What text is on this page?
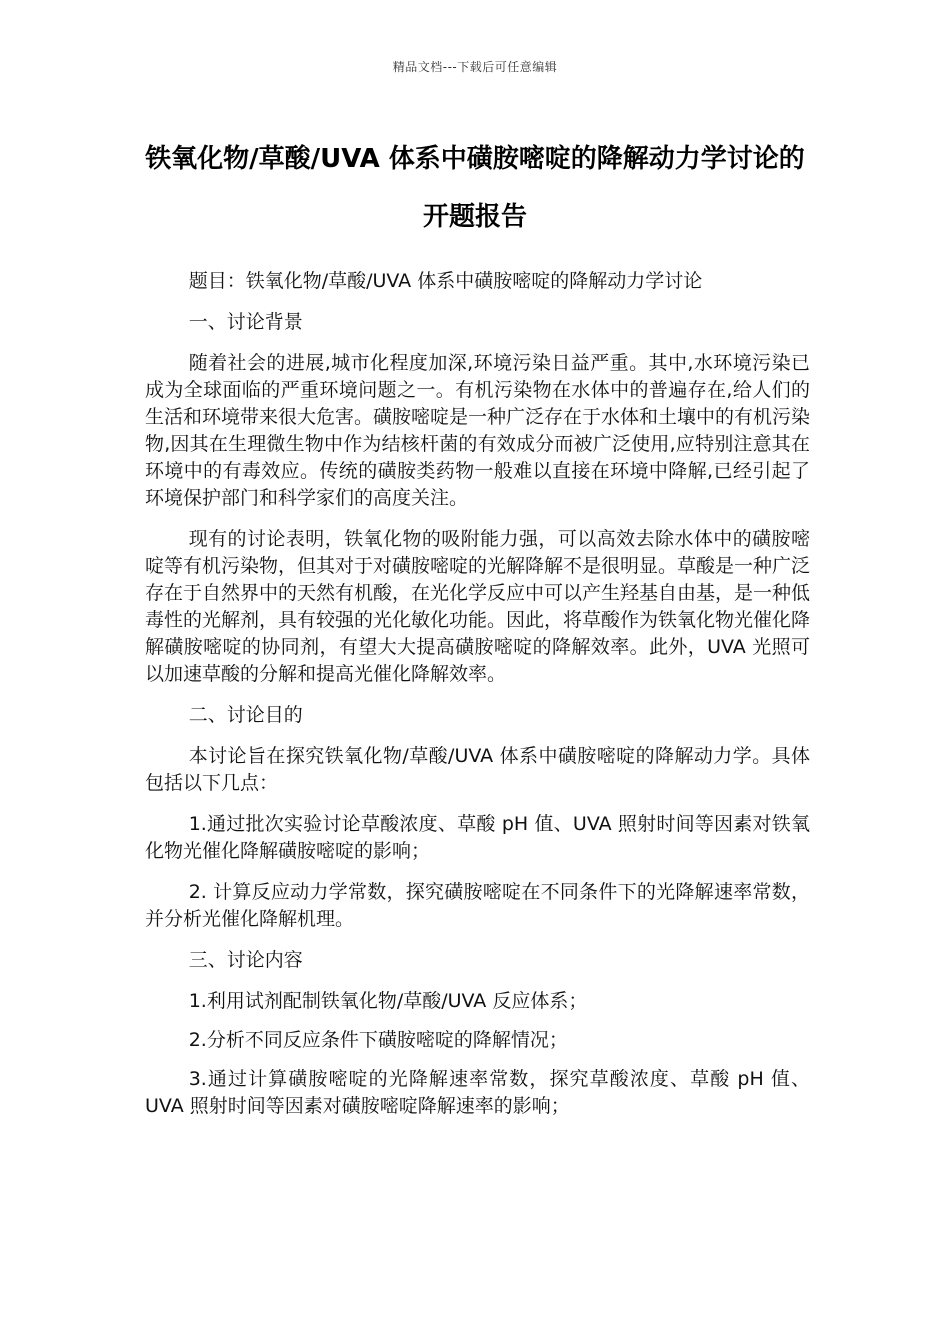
精品文档---下载后可任意编辑
铁氧化物/草酸/UVA 体系中磺胺嘧啶的降解动力学讨论的开题报告

题目：铁氧化物/草酸/UVA 体系中磺胺嘧啶的降解动力学讨论

一、讨论背景

随着社会的进展,城市化程度加深,环境污染日益严重。其中,水环境污染已成为全球面临的严重环境问题之一。有机污染物在水体中的普遍存在,给人们的生活和环境带来很大危害。磺胺嘧啶是一种广泛存在于水体和土壤中的有机污染物,因其在生理微生物中作为结核杆菌的有效成分而被广泛使用,应特别注意其在环境中的有毒效应。传统的磺胺类药物一般难以直接在环境中降解,已经引起了环境保护部门和科学家们的高度关注。

现有的讨论表明，铁氧化物的吸附能力强，可以高效去除水体中的磺胺嘧啶等有机污染物，但其对于对磺胺嘧啶的光解降解不是很明显。草酸是一种广泛存在于自然界中的天然有机酸，在光化学反应中可以产生羟基自由基，是一种低毒性的光解剂，具有较强的光化敏化功能。因此，将草酸作为铁氧化物光催化降解磺胺嘧啶的协同剂，有望大大提高磺胺嘧啶的降解效率。此外，UVA 光照可以加速草酸的分解和提高光催化降解效率。

二、讨论目的

本讨论旨在探究铁氧化物/草酸/UVA 体系中磺胺嘧啶的降解动力学。具体包括以下几点：

1.通过批次实验讨论草酸浓度、草酸 pH 值、UVA 照射时间等因素对铁氧化物光催化降解磺胺嘧啶的影响；

2. 计算反应动力学常数，探究磺胺嘧啶在不同条件下的光降解速率常数，并分析光催化降解机理。

三、讨论内容

1.利用试剂配制铁氧化物/草酸/UVA 反应体系；

2.分析不同反应条件下磺胺嘧啶的降解情况；

3.通过计算磺胺嘧啶的光降解速率常数，探究草酸浓度、草酸 pH 值、UVA 照射时间等因素对磺胺嘧啶降解速率的影响；
